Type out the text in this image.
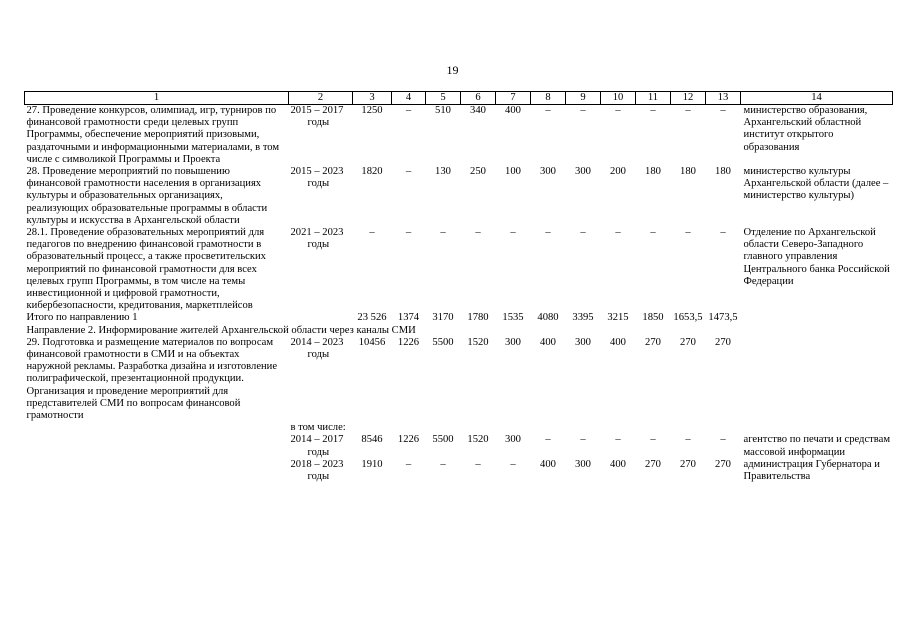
19
1	2	3	4	5	6	7	8	9	10	11	12	13	14
27. Проведение конкурсов, олимпиад, игр, турниров по финансовой грамотности среди целевых групп Программы, обеспечение мероприятий призовыми, раздаточными и информационными материалами, в том числе с символикой Программы и Проекта	2015 – 2017
годы	1250	–	510	340	400	–	–	–	–	–	–	министерство образования, Архангельский областной институт открытого образования
28. Проведение мероприятий по повышению финансовой грамотности населения в организациях культуры и образовательных организациях, реализующих образовательные программы в области культуры и искусства в Архангельской области	2015 – 2023
годы	1820	–	130	250	100	300	300	200	180	180	180	министерство культуры Архангельской области (далее – министерство культуры)
28.1. Проведение образовательных мероприятий для педагогов по внедрению финансовой грамотности в образовательный процесс, а также просветительских мероприятий по финансовой грамотности для всех целевых групп Программы, в том числе на темы инвестиционной и цифровой грамотности, кибербезопасности, кредитования, маркетплейсов	2021 – 2023
годы	–	–	–	–	–	–	–	–	–	–	–	Отделение по Архангельской области Северо-Западного главного управления Центрального банка Российской Федерации
Итого по направлению 1		23 526	1374	3170	1780	1535	4080	3395	3215	1850	1653,5	1473,5	
Направление 2. Информирование жителей Архангельской области через каналы СМИ													
29. Подготовка и размещение материалов по вопросам финансовой грамотности в СМИ и на объектах наружной рекламы. Разработка дизайна и изготовление полиграфической, презентационной продукции. Организация и проведение мероприятий для представителей СМИ по вопросам финансовой грамотности	2014 – 2023
годы	10456	1226	5500	1520	300	400	300	400	270	270	270	
	в том числе:												

	2014 – 2017
годы	8546	1226	5500	1520	300	–	–	–	–	–	–	агентство по печати и средствам массовой информации

	2018 – 2023
годы	1910	–	–	–	–	400	300	400	270	270	270	администрация Губернатора и Правительства
